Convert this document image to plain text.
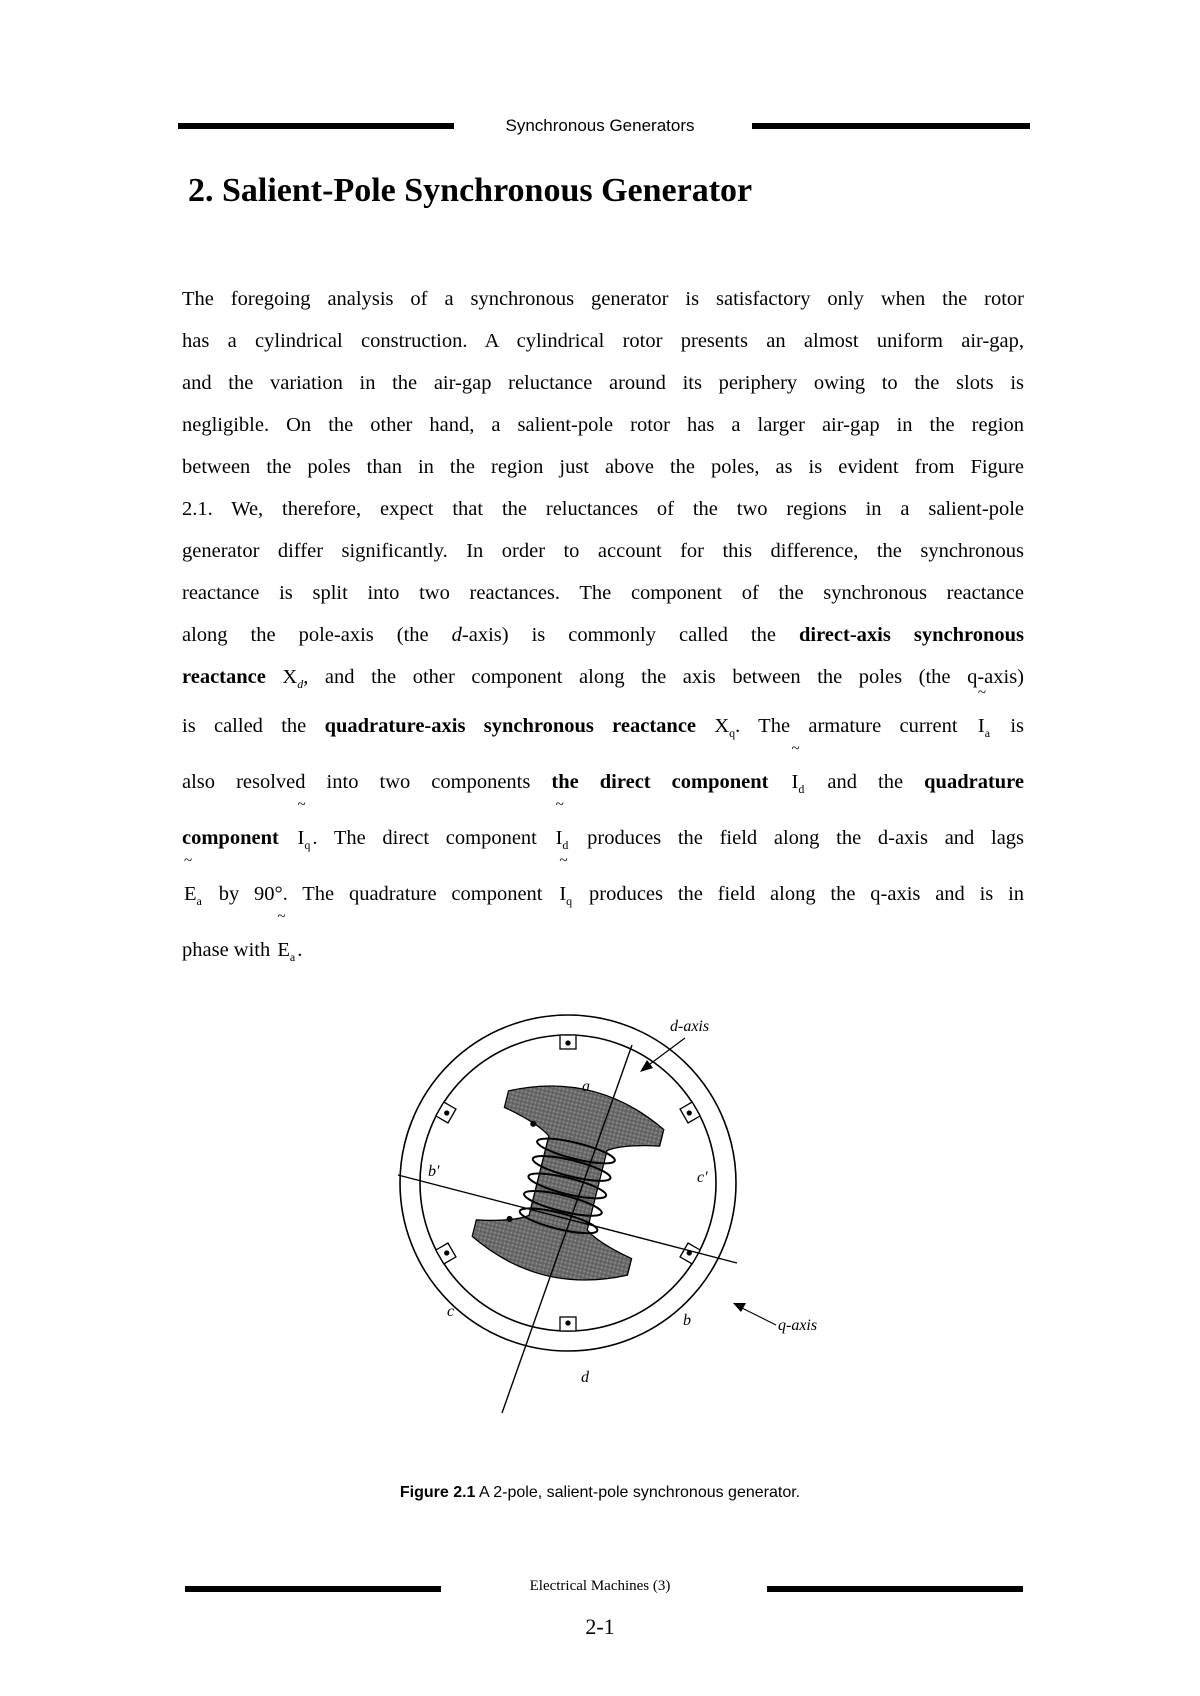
Synchronous Generators
2. Salient-Pole Synchronous Generator
The foregoing analysis of a synchronous generator is satisfactory only when the rotor
has a cylindrical construction. A cylindrical rotor presents an almost uniform air-gap,
and the variation in the air-gap reluctance around its periphery owing to the slots is
negligible. On the other hand, a salient-pole rotor has a larger air-gap in the region
between the poles than in the region just above the poles, as is evident from Figure
2.1. We, therefore, expect that the reluctances of the two regions in a salient-pole
generator differ significantly. In order to account for this difference, the synchronous
reactance is split into two reactances. The component of the synchronous reactance
along the pole-axis (the d-axis) is commonly called the direct-axis synchronous
reactance $X_d$, and the other component along the axis between the poles (the q-axis)
is called the quadrature-axis synchronous reactance $X_q$. The armature current
~
$I_a$ is
also resolved into two components the direct component
~
$I_d$ and the quadrature
component
~
$I_q$. The direct component
~
$I_d$ produces the field along the d-axis and lags
~
$E_a$ by 90°. The quadrature component
~
$I_q$ produces the field along the q-axis and is in
phase with
~
$E_a$.
d-axis
q-axis
a
b′	c′
c
b
d
Figure 2.1 A 2-pole, salient-pole synchronous generator.
Electrical Machines (3)
2-1
